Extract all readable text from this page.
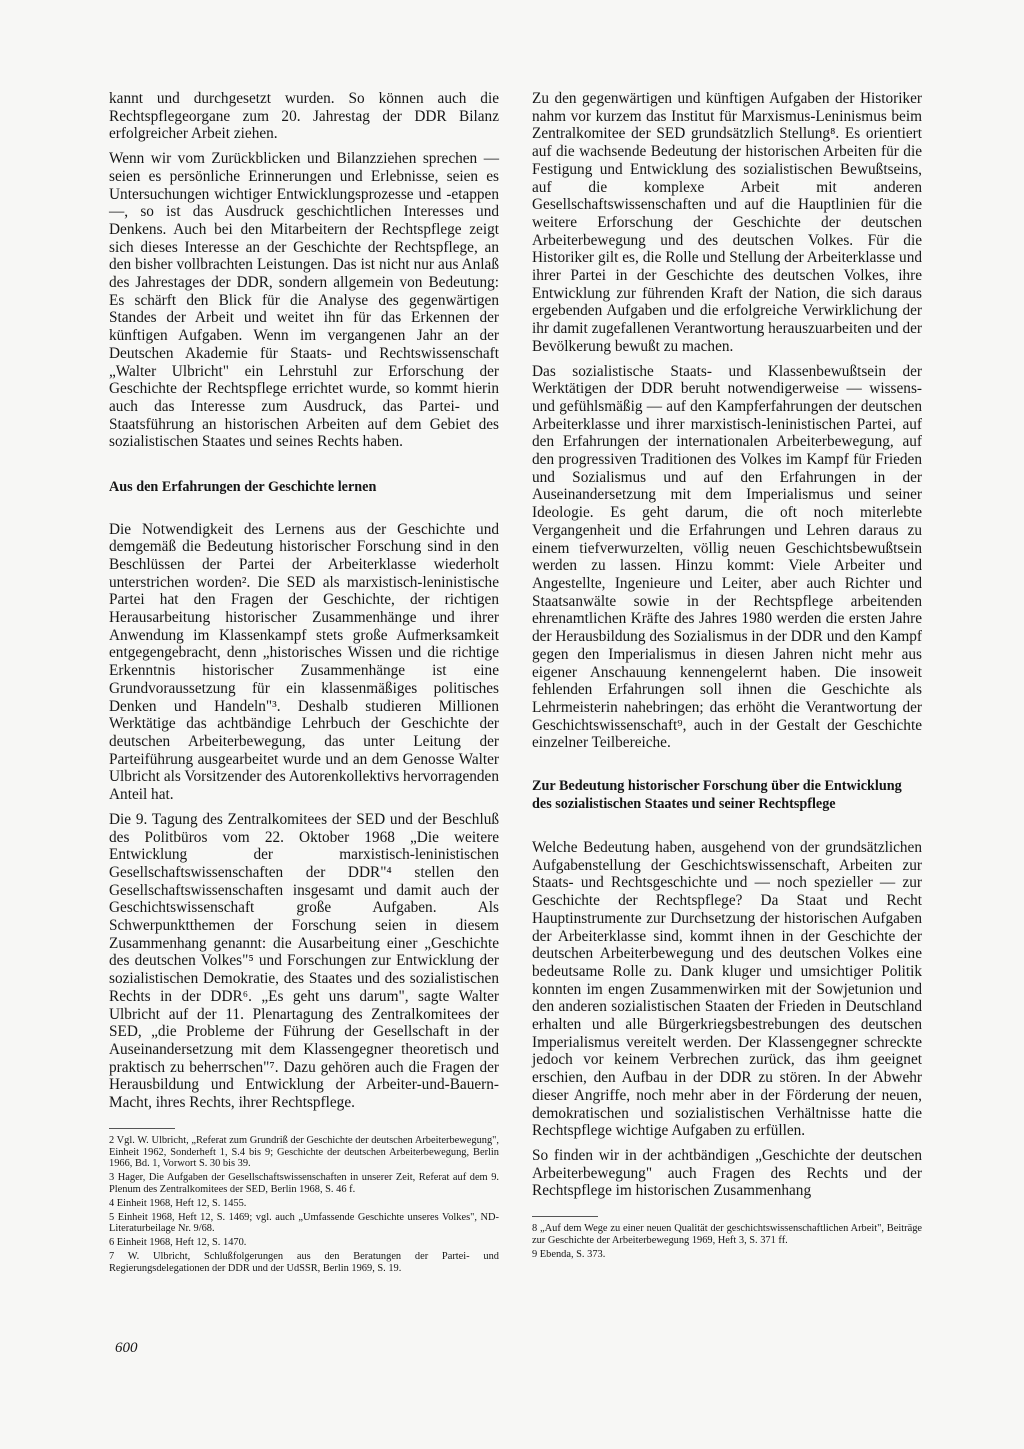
kannt und durchgesetzt wurden. So können auch die Rechtspflegeorgane zum 20. Jahrestag der DDR Bilanz erfolgreicher Arbeit ziehen.

Wenn wir vom Zurückblicken und Bilanzziehen sprechen — seien es persönliche Erinnerungen und Erlebnisse, seien es Untersuchungen wichtiger Entwicklungsprozesse und -etappen —, so ist das Ausdruck geschichtlichen Interesses und Denkens. Auch bei den Mitarbeitern der Rechtspflege zeigt sich dieses Interesse an der Geschichte der Rechtspflege, an den bisher vollbrachten Leistungen. Das ist nicht nur aus Anlaß des Jahrestages der DDR, sondern allgemein von Bedeutung: Es schärft den Blick für die Analyse des gegenwärtigen Standes der Arbeit und weitet ihn für das Erkennen der künftigen Aufgaben. Wenn im vergangenen Jahr an der Deutschen Akademie für Staats- und Rechtswissenschaft „Walter Ulbricht" ein Lehrstuhl zur Erforschung der Geschichte der Rechtspflege errichtet wurde, so kommt hierin auch das Interesse zum Ausdruck, das Partei- und Staatsführung an historischen Arbeiten auf dem Gebiet des sozialistischen Staates und seines Rechts haben.

Aus den Erfahrungen der Geschichte lernen

Die Notwendigkeit des Lernens aus der Geschichte und demgemäß die Bedeutung historischer Forschung sind in den Beschlüssen der Partei der Arbeiterklasse wiederholt unterstrichen worden². Die SED als marxistisch-leninistische Partei hat den Fragen der Geschichte, der richtigen Herausarbeitung historischer Zusammenhänge und ihrer Anwendung im Klassenkampf stets große Aufmerksamkeit entgegengebracht, denn „historisches Wissen und die richtige Erkenntnis historischer Zusammenhänge ist eine Grundvoraussetzung für ein klassenmäßiges politisches Denken und Handeln"³. Deshalb studieren Millionen Werktätige das achtbändige Lehrbuch der Geschichte der deutschen Arbeiterbewegung, das unter Leitung der Parteiführung ausgearbeitet wurde und an dem Genosse Walter Ulbricht als Vorsitzender des Autorenkollektivs hervorragenden Anteil hat.

Die 9. Tagung des Zentralkomitees der SED und der Beschluß des Politbüros vom 22. Oktober 1968 „Die weitere Entwicklung der marxistisch-leninistischen Gesellschaftswissenschaften der DDR"⁴ stellen den Gesellschaftswissenschaften insgesamt und damit auch der Geschichtswissenschaft große Aufgaben. Als Schwerpunktthemen der Forschung seien in diesem Zusammenhang genannt: die Ausarbeitung einer „Geschichte des deutschen Volkes"⁵ und Forschungen zur Entwicklung der sozialistischen Demokratie, des Staates und des sozialistischen Rechts in der DDR⁶. „Es geht uns darum", sagte Walter Ulbricht auf der 11. Plenartagung des Zentralkomitees der SED, „die Probleme der Führung der Gesellschaft in der Auseinandersetzung mit dem Klassengegner theoretisch und praktisch zu beherrschen"⁷. Dazu gehören auch die Fragen der Herausbildung und Entwicklung der Arbeiter-und-Bauern-Macht, ihres Rechts, ihrer Rechtspflege.

2 Vgl. W. Ulbricht, „Referat zum Grundriß der Geschichte der deutschen Arbeiterbewegung", Einheit 1962, Sonderheft 1, S.4 bis 9; Geschichte der deutschen Arbeiterbewegung, Berlin 1966, Bd. 1, Vorwort S. 30 bis 39.

3 Hager, Die Aufgaben der Gesellschaftswissenschaften in unserer Zeit, Referat auf dem 9. Plenum des Zentralkomitees der SED, Berlin 1968, S. 46 f.

4 Einheit 1968, Heft 12, S. 1455.

5 Einheit 1968, Heft 12, S. 1469; vgl. auch „Umfassende Geschichte unseres Volkes", ND-Literaturbeilage Nr. 9/68.

6 Einheit 1968, Heft 12, S. 1470.

7 W. Ulbricht, Schlußfolgerungen aus den Beratungen der Partei- und Regierungsdelegationen der DDR und der UdSSR, Berlin 1969, S. 19.

Zu den gegenwärtigen und künftigen Aufgaben der Historiker nahm vor kurzem das Institut für Marxismus-Leninismus beim Zentralkomitee der SED grundsätzlich Stellung⁸. Es orientiert auf die wachsende Bedeutung der historischen Arbeiten für die Festigung und Entwicklung des sozialistischen Bewußtseins, auf die komplexe Arbeit mit anderen Gesellschaftswissenschaften und auf die Hauptlinien für die weitere Erforschung der Geschichte der deutschen Arbeiterbewegung und des deutschen Volkes. Für die Historiker gilt es, die Rolle und Stellung der Arbeiterklasse und ihrer Partei in der Geschichte des deutschen Volkes, ihre Entwicklung zur führenden Kraft der Nation, die sich daraus ergebenden Aufgaben und die erfolgreiche Verwirklichung der ihr damit zugefallenen Verantwortung herauszuarbeiten und der Bevölkerung bewußt zu machen.

Das sozialistische Staats- und Klassenbewußtsein der Werktätigen der DDR beruht notwendigerweise — wissens- und gefühlsmäßig — auf den Kampferfahrungen der deutschen Arbeiterklasse und ihrer marxistisch-leninistischen Partei, auf den Erfahrungen der internationalen Arbeiterbewegung, auf den progressiven Traditionen des Volkes im Kampf für Frieden und Sozialismus und auf den Erfahrungen in der Auseinandersetzung mit dem Imperialismus und seiner Ideologie. Es geht darum, die oft noch miterlebte Vergangenheit und die Erfahrungen und Lehren daraus zu einem tiefverwurzelten, völlig neuen Geschichtsbewußtsein werden zu lassen. Hinzu kommt: Viele Arbeiter und Angestellte, Ingenieure und Leiter, aber auch Richter und Staatsanwälte sowie in der Rechtspflege arbeitenden ehrenamtlichen Kräfte des Jahres 1980 werden die ersten Jahre der Herausbildung des Sozialismus in der DDR und den Kampf gegen den Imperialismus in diesen Jahren nicht mehr aus eigener Anschauung kennengelernt haben. Die insoweit fehlenden Erfahrungen soll ihnen die Geschichte als Lehrmeisterin nahebringen; das erhöht die Verantwortung der Geschichtswissenschaft⁹, auch in der Gestalt der Geschichte einzelner Teilbereiche.

Zur Bedeutung historischer Forschung über die Entwicklung des sozialistischen Staates und seiner Rechtspflege

Welche Bedeutung haben, ausgehend von der grundsätzlichen Aufgabenstellung der Geschichtswissenschaft, Arbeiten zur Staats- und Rechtsgeschichte und — noch spezieller — zur Geschichte der Rechtspflege? Da Staat und Recht Hauptinstrumente zur Durchsetzung der historischen Aufgaben der Arbeiterklasse sind, kommt ihnen in der Geschichte der deutschen Arbeiterbewegung und des deutschen Volkes eine bedeutsame Rolle zu. Dank kluger und umsichtiger Politik konnten im engen Zusammenwirken mit der Sowjetunion und den anderen sozialistischen Staaten der Frieden in Deutschland erhalten und alle Bürgerkriegsbestrebungen des deutschen Imperialismus vereitelt werden. Der Klassengegner schreckte jedoch vor keinem Verbrechen zurück, das ihm geeignet erschien, den Aufbau in der DDR zu stören. In der Abwehr dieser Angriffe, noch mehr aber in der Förderung der neuen, demokratischen und sozialistischen Verhältnisse hatte die Rechtspflege wichtige Aufgaben zu erfüllen.

So finden wir in der achtbändigen „Geschichte der deutschen Arbeiterbewegung" auch Fragen des Rechts und der Rechtspflege im historischen Zusammenhang

8 „Auf dem Wege zu einer neuen Qualität der geschichtswissenschaftlichen Arbeit", Beiträge zur Geschichte der Arbeiterbewegung 1969, Heft 3, S. 371 ff.

9 Ebenda, S. 373.

600
